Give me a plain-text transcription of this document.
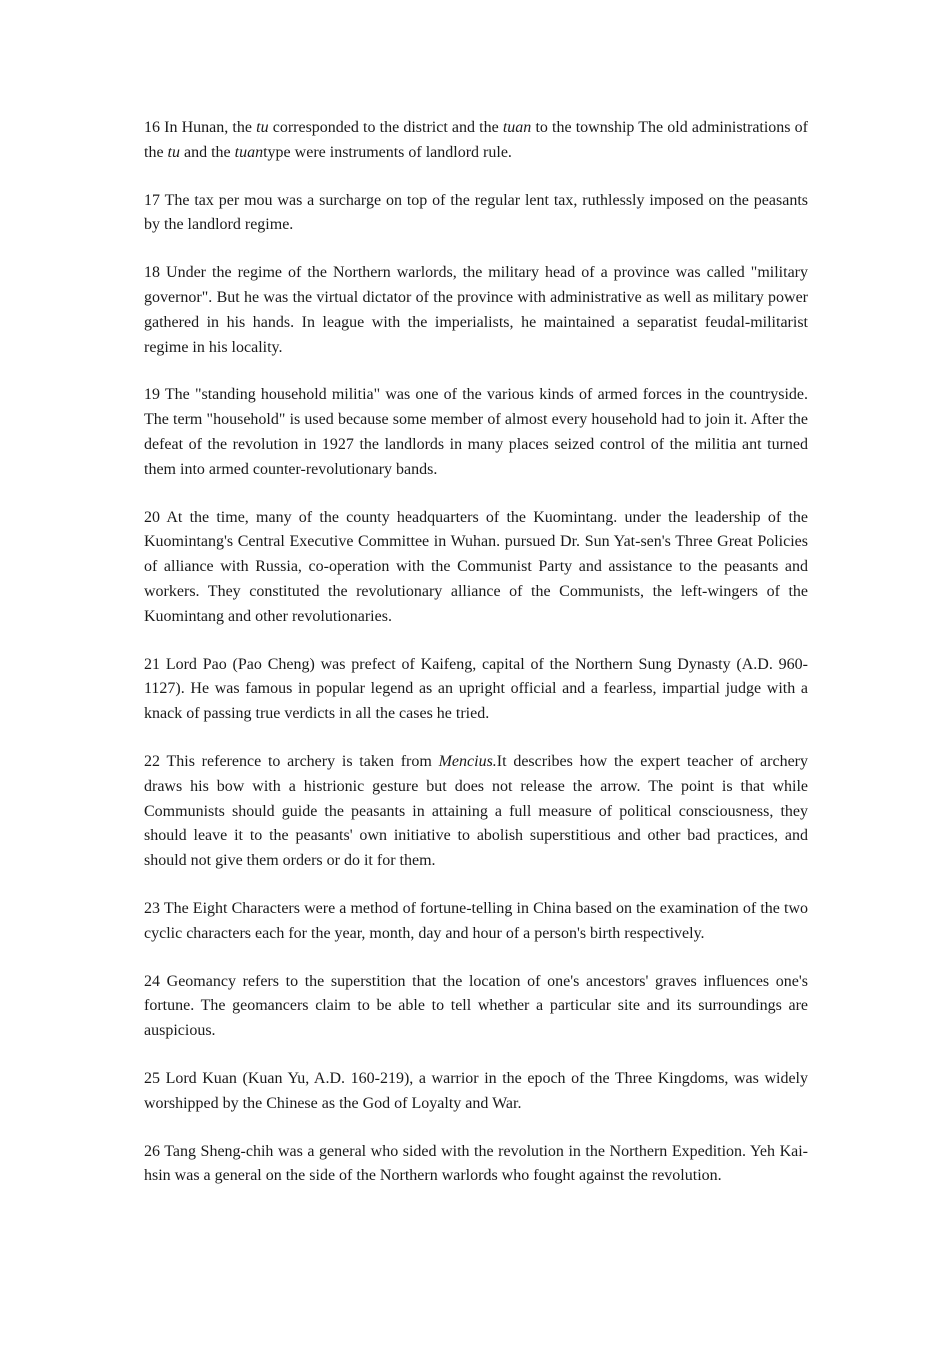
16 In Hunan, the tu corresponded to the district and the tuan to the township The old administrations of the tu and the tuantype were instruments of landlord rule.

17 The tax per mou was a surcharge on top of the regular lent tax, ruthlessly imposed on the peasants by the landlord regime.

18 Under the regime of the Northern warlords, the military head of a province was called "military governor". But he was the virtual dictator of the province with administrative as well as military power gathered in his hands. In league with the imperialists, he maintained a separatist feudal-militarist regime in his locality.

19 The "standing household militia" was one of the various kinds of armed forces in the countryside. The term "household" is used because some member of almost every household had to join it. After the defeat of the revolution in 1927 the landlords in many places seized control of the militia ant turned them into armed counter-revolutionary bands.

20 At the time, many of the county headquarters of the Kuomintang. under the leadership of the Kuomintang's Central Executive Committee in Wuhan. pursued Dr. Sun Yat-sen's Three Great Policies of alliance with Russia, co-operation with the Communist Party and assistance to the peasants and workers. They constituted the revolutionary alliance of the Communists, the left-wingers of the Kuomintang and other revolutionaries.

21 Lord Pao (Pao Cheng) was prefect of Kaifeng, capital of the Northern Sung Dynasty (A.D. 960-1127). He was famous in popular legend as an upright official and a fearless, impartial judge with a knack of passing true verdicts in all the cases he tried.

22 This reference to archery is taken from Mencius.It describes how the expert teacher of archery draws his bow with a histrionic gesture but does not release the arrow. The point is that while Communists should guide the peasants in attaining a full measure of political consciousness, they should leave it to the peasants' own initiative to abolish superstitious and other bad practices, and should not give them orders or do it for them.

23 The Eight Characters were a method of fortune-telling in China based on the examination of the two cyclic characters each for the year, month, day and hour of a person's birth respectively.

24 Geomancy refers to the superstition that the location of one's ancestors' graves influences one's fortune. The geomancers claim to be able to tell whether a particular site and its surroundings are auspicious.

25 Lord Kuan (Kuan Yu, A.D. 160-219), a warrior in the epoch of the Three Kingdoms, was widely worshipped by the Chinese as the God of Loyalty and War.

26 Tang Sheng-chih was a general who sided with the revolution in the Northern Expedition. Yeh Kai-hsin was a general on the side of the Northern warlords who fought against the revolution.
